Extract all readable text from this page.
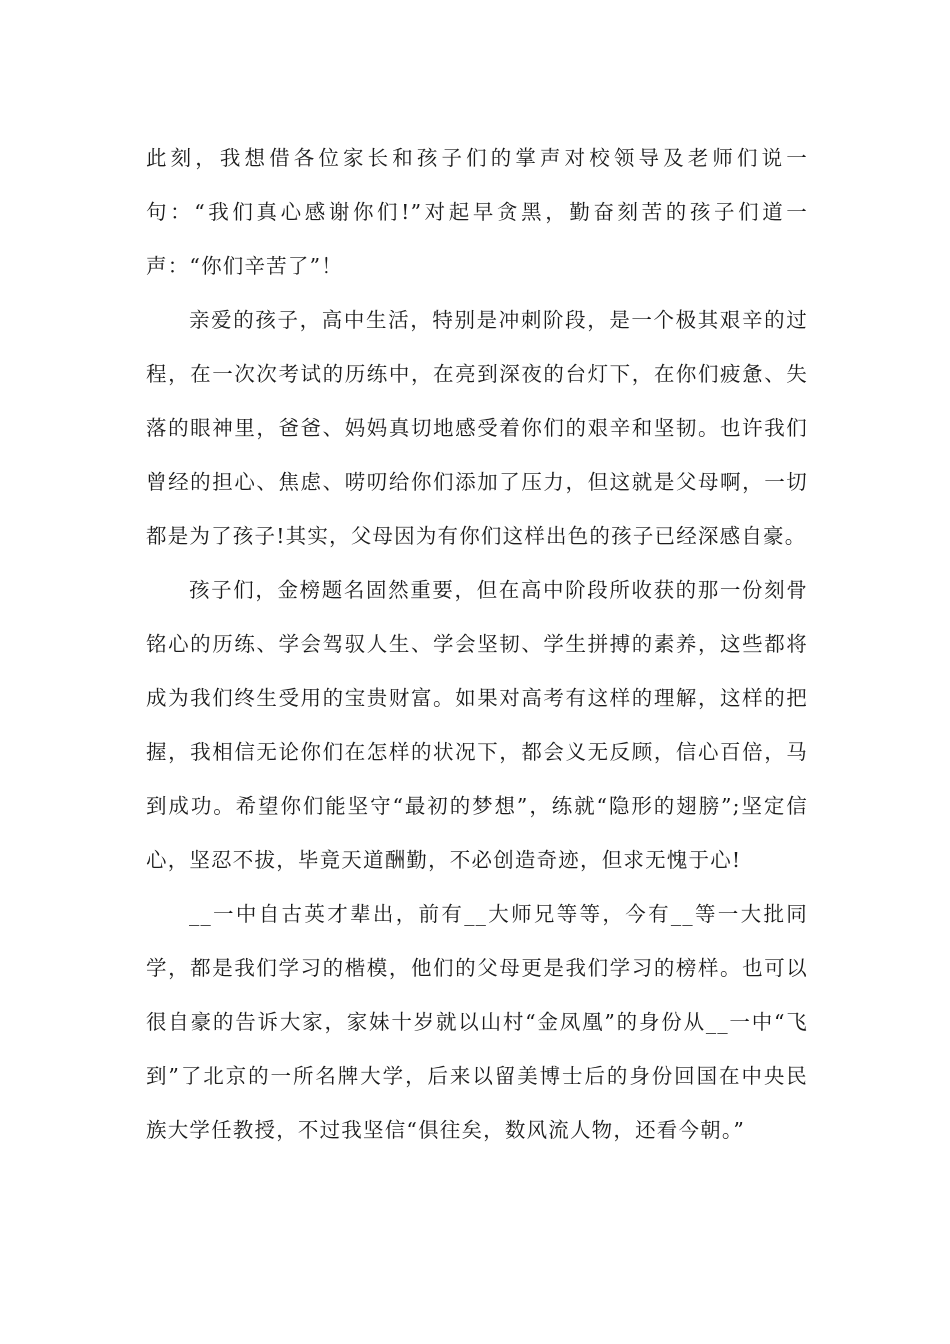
此刻，我想借各位家长和孩子们的掌声对校领导及老师们说一句：“我们真心感谢你们!”对起早贪黑，勤奋刻苦的孩子们道一声：“你们辛苦了”！

亲爱的孩子，高中生活，特别是冲刺阶段，是一个极其艰辛的过程，在一次次考试的历练中，在亮到深夜的台灯下，在你们疲惫、失落的眼神里，爸爸、妈妈真切地感受着你们的艰辛和坚韧。也许我们曾经的担心、焦虑、唠叨给你们添加了压力，但这就是父母啊，一切都是为了孩子!其实，父母因为有你们这样出色的孩子已经深感自豪。

孩子们，金榜题名固然重要，但在高中阶段所收获的那一份刻骨铭心的历练、学会驾驭人生、学会坚韧、学生拼搏的素养，这些都将成为我们终生受用的宝贵财富。如果对高考有这样的理解，这样的把握，我相信无论你们在怎样的状况下，都会义无反顾，信心百倍，马到成功。希望你们能坚守“最初的梦想”，练就“隐形的翅膀”;坚定信心，坚忍不拔，毕竟天道酬勤，不必创造奇迹，但求无愧于心!

__一中自古英才辈出，前有__大师兄等等，今有__等一大批同学，都是我们学习的楷模，他们的父母更是我们学习的榜样。也可以很自豪的告诉大家，家妹十岁就以山村“金凤凰”的身份从__一中“飞到”了北京的一所名牌大学，后来以留美博士后的身份回国在中央民族大学任教授，不过我坚信“俱往矣，数风流人物，还看今朝。”
